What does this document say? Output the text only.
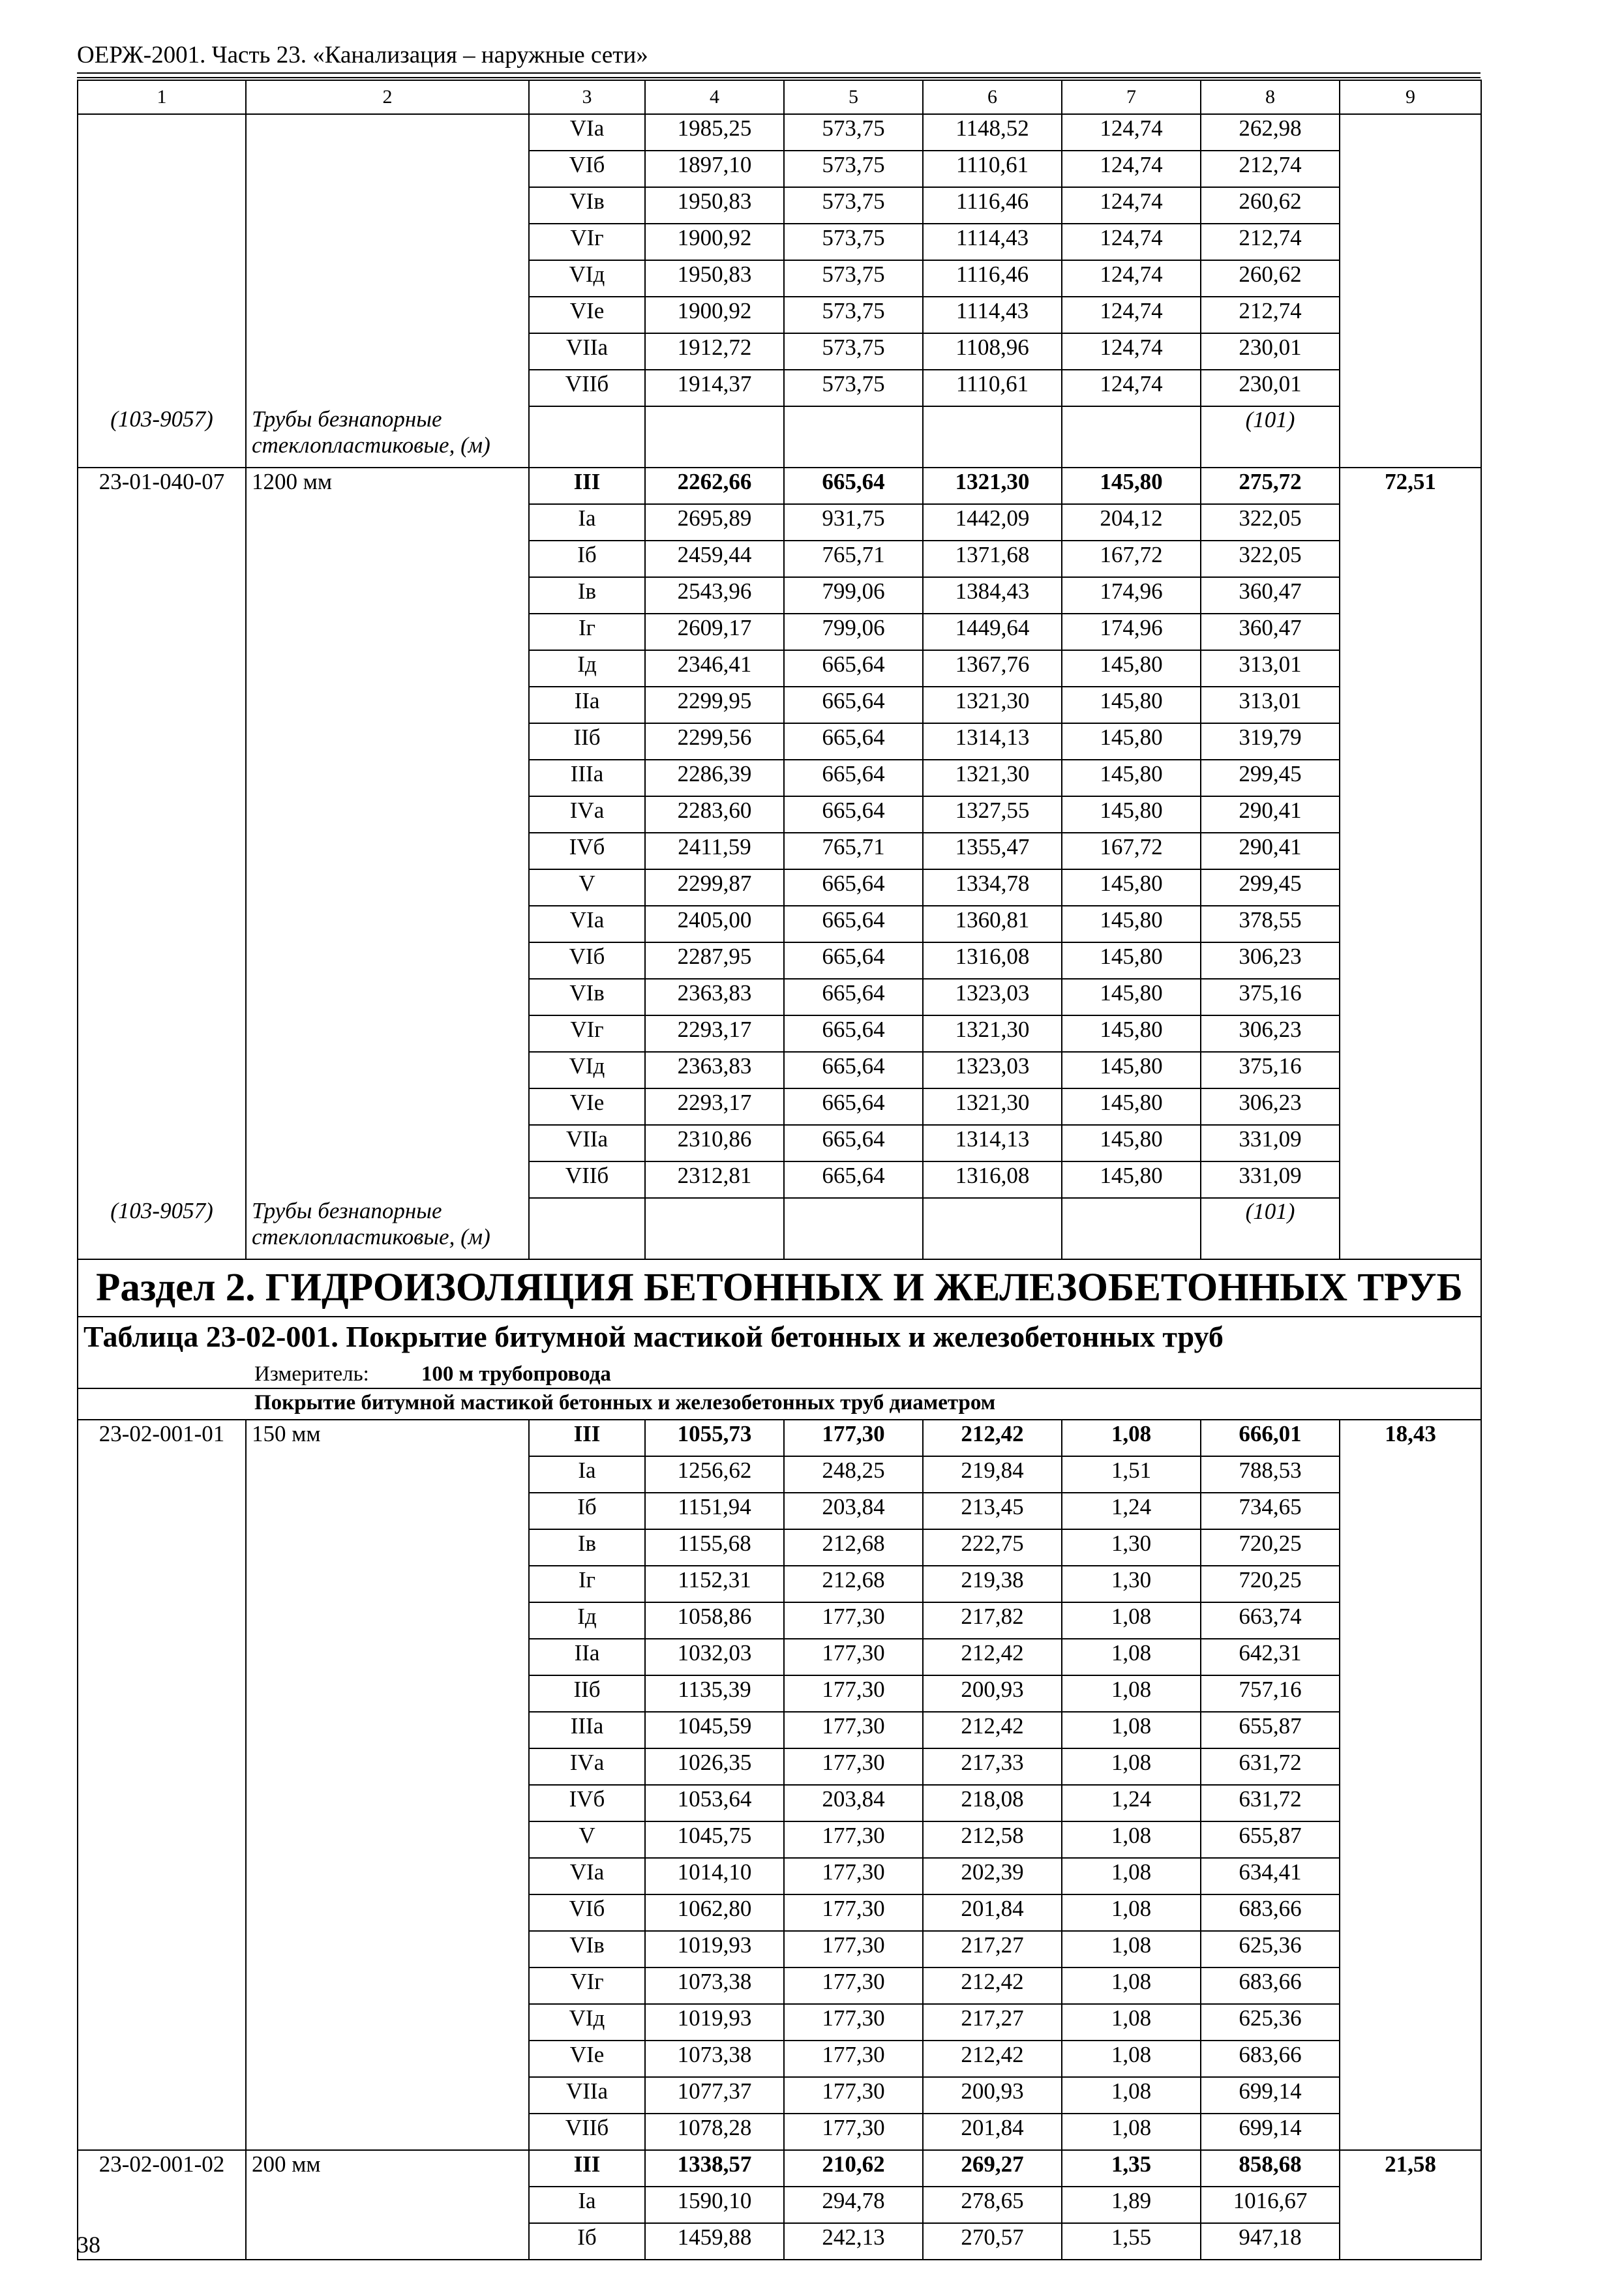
ОЕРЖ-2001. Часть 23. «Канализация – наружные сети»
1	2	3	4	5	6	7	8	9
		VIа	1985,25	573,75	1148,52	124,74	262,98	
		VIб	1897,10	573,75	1110,61	124,74	212,74	
		VIв	1950,83	573,75	1116,46	124,74	260,62	
		VIг	1900,92	573,75	1114,43	124,74	212,74	
		VIд	1950,83	573,75	1116,46	124,74	260,62	
		VIе	1900,92	573,75	1114,43	124,74	212,74	
		VIIа	1912,72	573,75	1108,96	124,74	230,01	
		VIIб	1914,37	573,75	1110,61	124,74	230,01	
(103-9057)	Трубы безнапорные стеклопластиковые, (м)						(101)	
23-01-040-07	1200 мм	III	2262,66	665,64	1321,30	145,80	275,72	72,51
		Iа	2695,89	931,75	1442,09	204,12	322,05	
		Iб	2459,44	765,71	1371,68	167,72	322,05	
		Iв	2543,96	799,06	1384,43	174,96	360,47	
		Iг	2609,17	799,06	1449,64	174,96	360,47	
		Iд	2346,41	665,64	1367,76	145,80	313,01	
		IIа	2299,95	665,64	1321,30	145,80	313,01	
		IIб	2299,56	665,64	1314,13	145,80	319,79	
		IIIа	2286,39	665,64	1321,30	145,80	299,45	
		IVа	2283,60	665,64	1327,55	145,80	290,41	
		IVб	2411,59	765,71	1355,47	167,72	290,41	
		V	2299,87	665,64	1334,78	145,80	299,45	
		VIа	2405,00	665,64	1360,81	145,80	378,55	
		VIб	2287,95	665,64	1316,08	145,80	306,23	
		VIв	2363,83	665,64	1323,03	145,80	375,16	
		VIг	2293,17	665,64	1321,30	145,80	306,23	
		VIд	2363,83	665,64	1323,03	145,80	375,16	
		VIе	2293,17	665,64	1321,30	145,80	306,23	
		VIIа	2310,86	665,64	1314,13	145,80	331,09	
		VIIб	2312,81	665,64	1316,08	145,80	331,09	
(103-9057)	Трубы безнапорные стеклопластиковые, (м)						(101)	
Раздел 2. ГИДРОИЗОЛЯЦИЯ БЕТОННЫХ И ЖЕЛЕЗОБЕТОННЫХ ТРУБ								
Таблица 23-02-001. Покрытие битумной мастикой бетонных и железобетонных труб								
Измеритель: 100 м трубопровода								
Покрытие битумной мастикой бетонных и железобетонных труб диаметром								
23-02-001-01	150 мм	III	1055,73	177,30	212,42	1,08	666,01	18,43
		Iа	1256,62	248,25	219,84	1,51	788,53	
		Iб	1151,94	203,84	213,45	1,24	734,65	
		Iв	1155,68	212,68	222,75	1,30	720,25	
		Iг	1152,31	212,68	219,38	1,30	720,25	
		Iд	1058,86	177,30	217,82	1,08	663,74	
		IIа	1032,03	177,30	212,42	1,08	642,31	
		IIб	1135,39	177,30	200,93	1,08	757,16	
		IIIа	1045,59	177,30	212,42	1,08	655,87	
		IVа	1026,35	177,30	217,33	1,08	631,72	
		IVб	1053,64	203,84	218,08	1,24	631,72	
		V	1045,75	177,30	212,58	1,08	655,87	
		VIа	1014,10	177,30	202,39	1,08	634,41	
		VIб	1062,80	177,30	201,84	1,08	683,66	
		VIв	1019,93	177,30	217,27	1,08	625,36	
		VIг	1073,38	177,30	212,42	1,08	683,66	
		VIд	1019,93	177,30	217,27	1,08	625,36	
		VIе	1073,38	177,30	212,42	1,08	683,66	
		VIIа	1077,37	177,30	200,93	1,08	699,14	
		VIIб	1078,28	177,30	201,84	1,08	699,14	
23-02-001-02	200 мм	III	1338,57	210,62	269,27	1,35	858,68	21,58
		Iа	1590,10	294,78	278,65	1,89	1016,67	
		Iб	1459,88	242,13	270,57	1,55	947,18	
38
